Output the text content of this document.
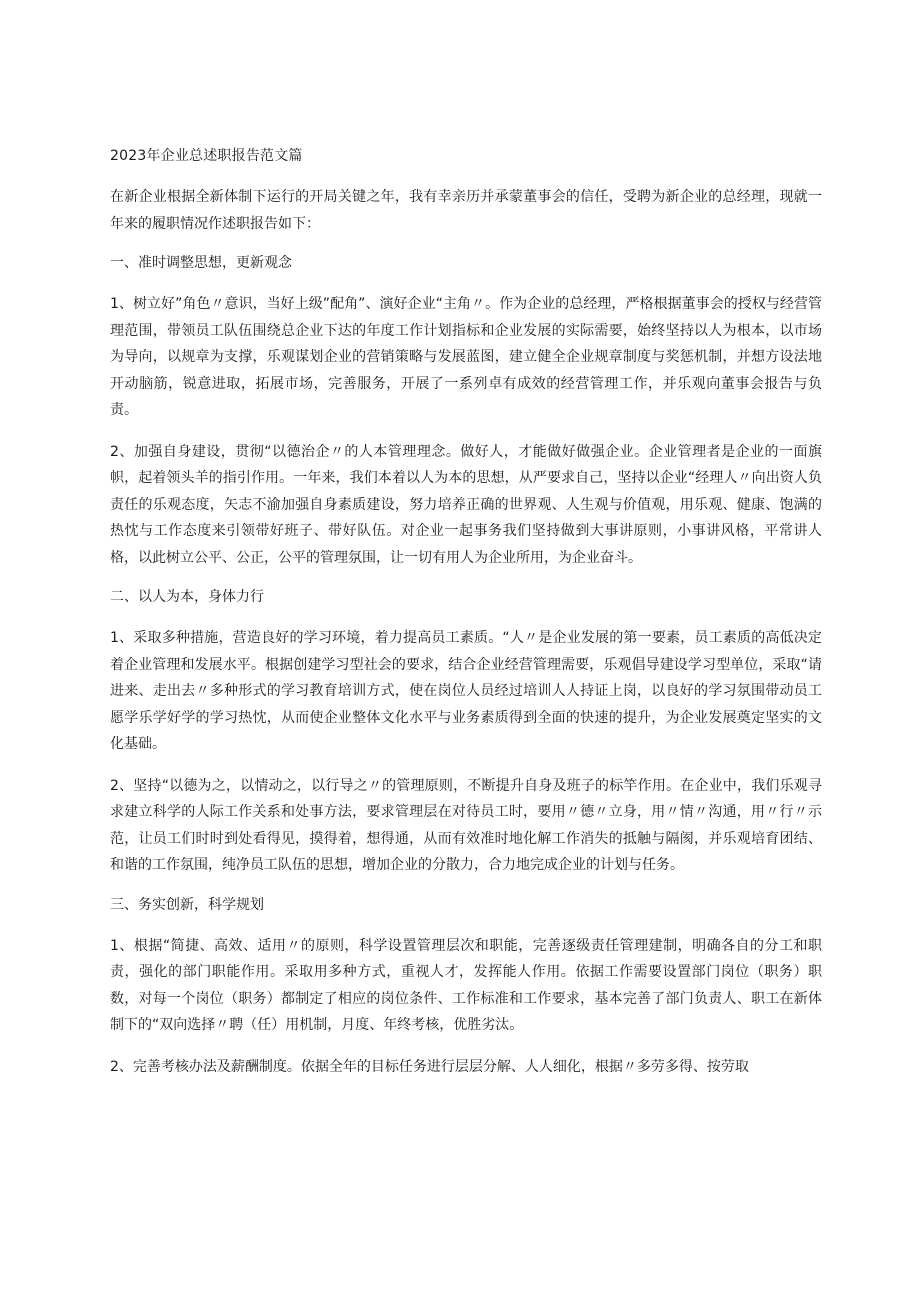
2023年企业总述职报告范文篇
在新企业根据全新体制下运行的开局关键之年，我有幸亲历并承蒙董事会的信任，受聘为新企业的总经理，现就一年来的履职情况作述职报告如下：
一、准时调整思想，更新观念
1、树立好”角色〃意识，当好上级”配角”、演好企业“主角〃。作为企业的总经理，严格根据董事会的授权与经营管理范围，带领员工队伍围绕总企业下达的年度工作计划指标和企业发展的实际需要，始终坚持以人为根本，以市场为导向，以规章为支撑，乐观谋划企业的营销策略与发展蓝图，建立健全企业规章制度与奖惩机制，并想方设法地开动脑筋，锐意进取，拓展市场，完善服务，开展了一系列卓有成效的经营管理工作，并乐观向董事会报告与负责。
2、加强自身建设，贯彻“以德治企〃的人本管理理念。做好人，才能做好做强企业。企业管理者是企业的一面旗帜，起着领头羊的指引作用。一年来，我们本着以人为本的思想，从严要求自己，坚持以企业“经理人〃向出资人负责任的乐观态度，矢志不渝加强自身素质建设，努力培养正确的世界观、人生观与价值观，用乐观、健康、饱满的热忱与工作态度来引领带好班子、带好队伍。对企业一起事务我们坚持做到大事讲原则，小事讲风格，平常讲人格，以此树立公平、公正，公平的管理氛围，让一切有用人为企业所用，为企业奋斗。
二、以人为本，身体力行
1、采取多种措施，营造良好的学习环境，着力提高员工素质。“人〃是企业发展的第一要素，员工素质的高低决定着企业管理和发展水平。根据创建学习型社会的要求，结合企业经营管理需要，乐观倡导建设学习型单位，采取“请进来、走出去〃多种形式的学习教育培训方式，使在岗位人员经过培训人人持证上岗，以良好的学习氛围带动员工愿学乐学好学的学习热忱，从而使企业整体文化水平与业务素质得到全面的快速的提升，为企业发展奠定坚实的文化基础。
2、坚持“以德为之，以情动之，以行导之〃的管理原则，不断提升自身及班子的标竿作用。在企业中，我们乐观寻求建立科学的人际工作关系和处事方法，要求管理层在对待员工时，要用〃德〃立身，用〃情〃沟通，用〃行〃示范，让员工们时时到处看得见，摸得着，想得通，从而有效准时地化解工作消失的抵触与隔阂，并乐观培育团结、和谐的工作氛围，纯净员工队伍的思想，增加企业的分散力，合力地完成企业的计划与任务。
三、务实创新，科学规划
1、根据“简捷、高效、适用〃的原则，科学设置管理层次和职能，完善逐级责任管理建制，明确各自的分工和职责，强化的部门职能作用。采取用多种方式，重视人才，发挥能人作用。依据工作需要设置部门岗位（职务）职数，对每一个岗位（职务）都制定了相应的岗位条件、工作标准和工作要求，基本完善了部门负责人、职工在新体制下的“双向选择〃聘（任）用机制，月度、年终考核，优胜劣汰。
2、完善考核办法及薪酬制度。依据全年的目标任务进行层层分解、人人细化，根据〃多劳多得、按劳取
